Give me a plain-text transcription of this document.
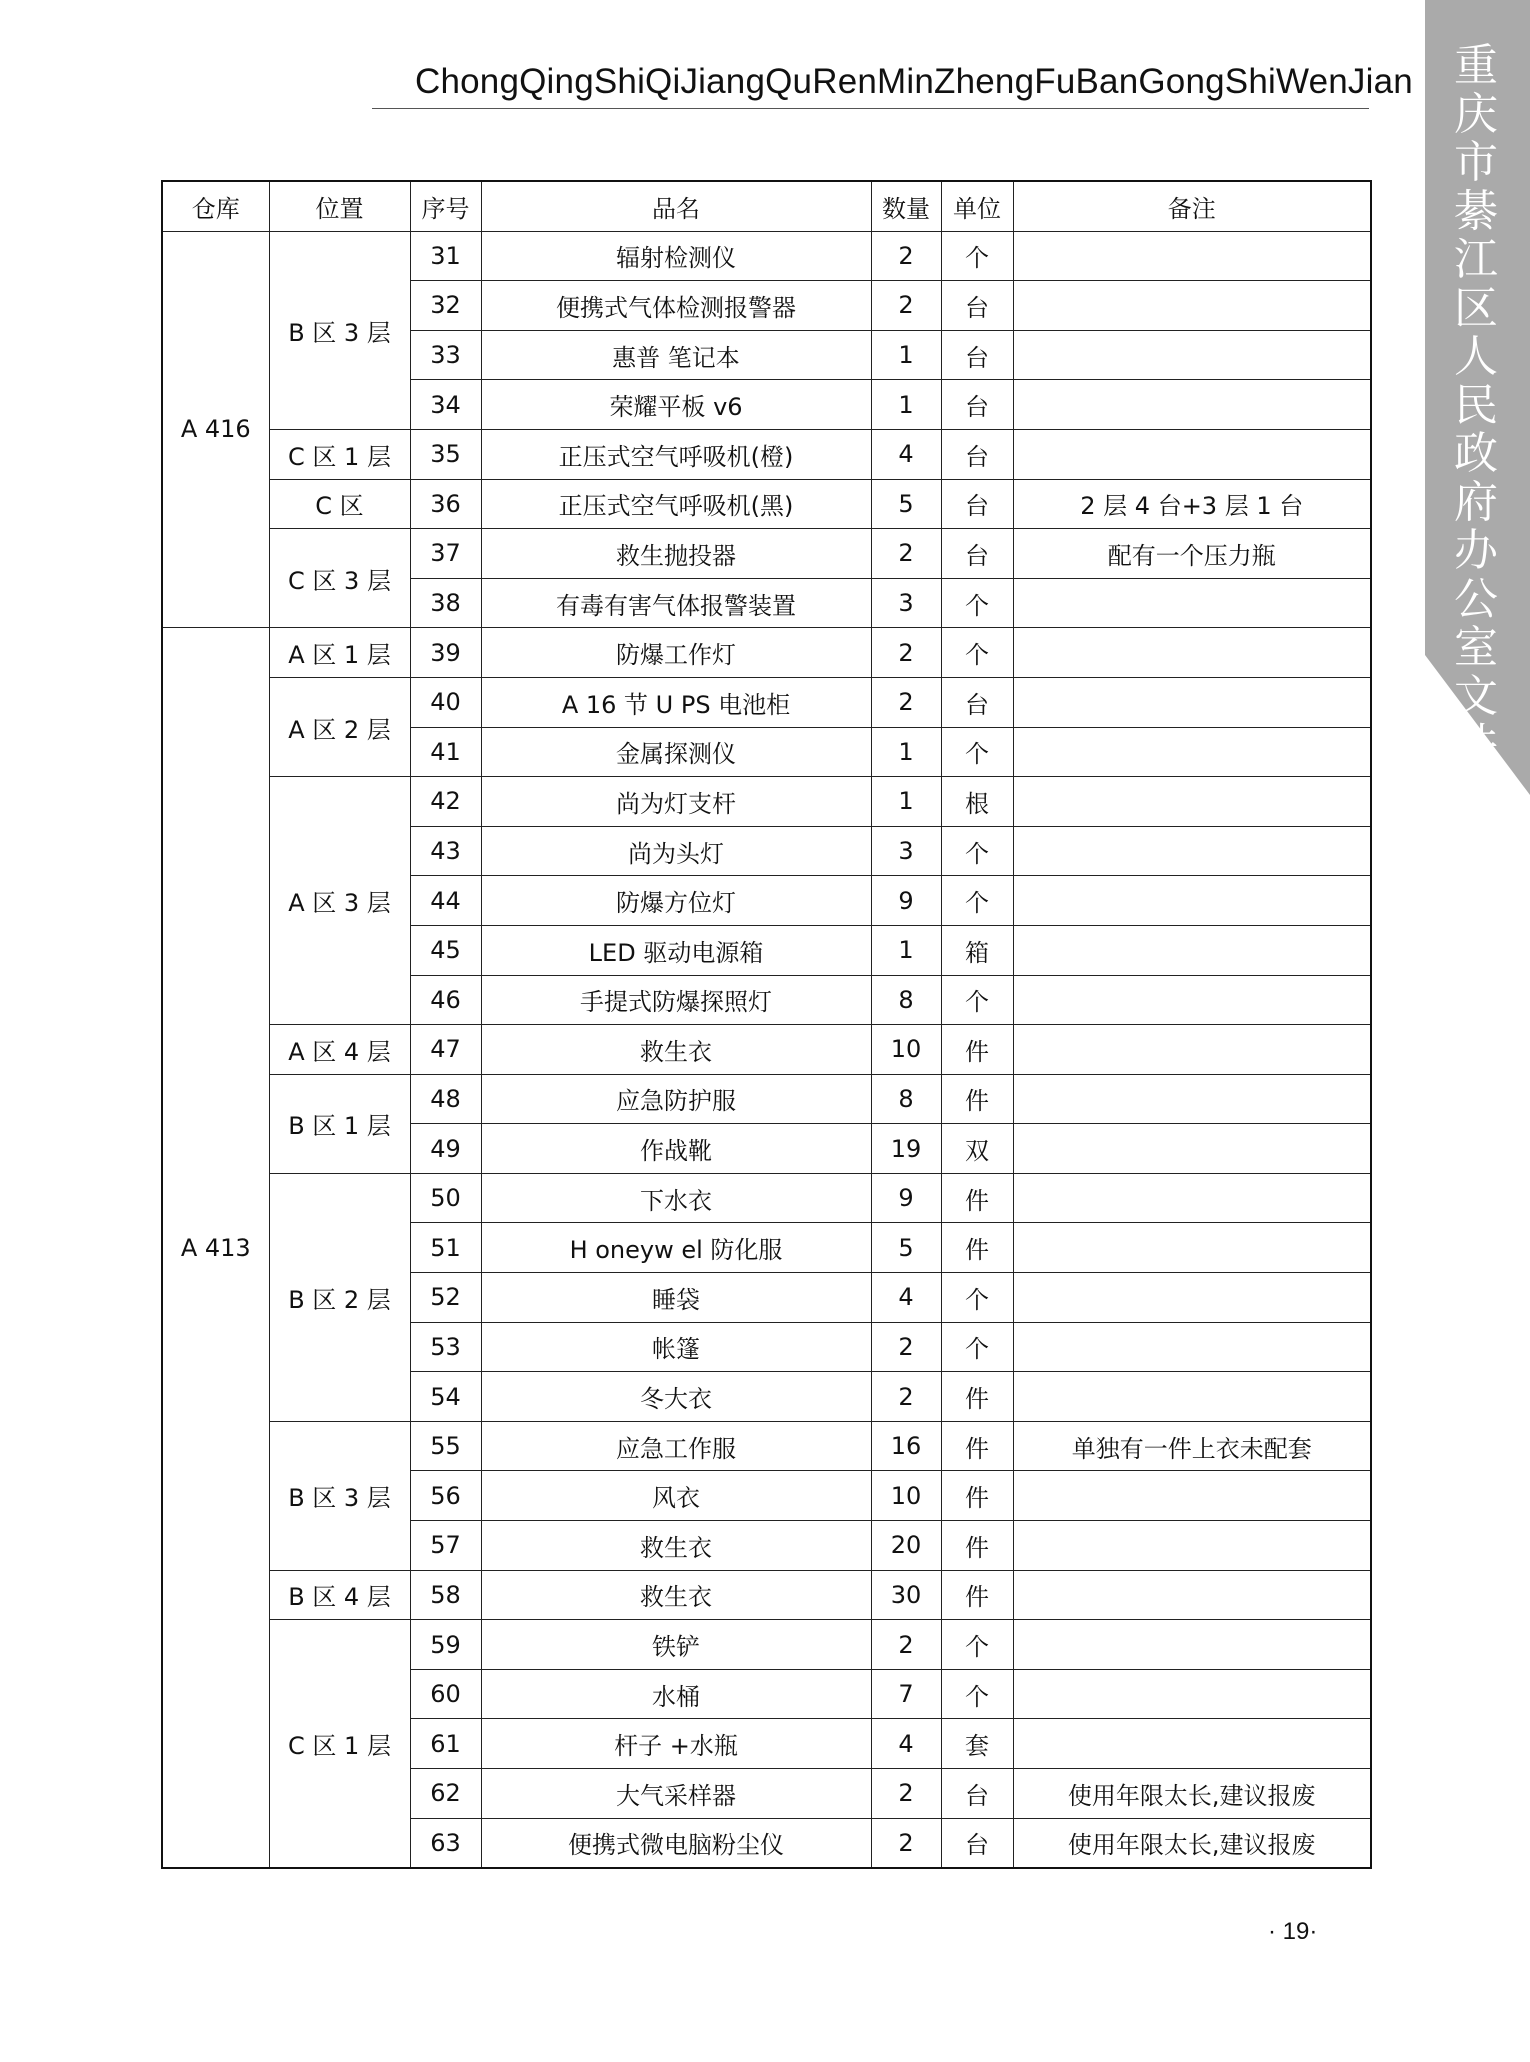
重
庆
市
綦
江
区
人
民
政
府
办
公
室
文
件
ChongQingShiQiJiangQuRenMinZhengFuBanGongShiWenJian
仓库	位置	序号	品名	数量	单位	备注
A 416	B 区 3 层	31	辐射检测仪	2	个	
		32	便携式气体检测报警器	2	台	
		33	惠普 笔记本	1	台	
		34	荣耀平板 v6	1	台	
	C 区 1 层	35	正压式空气呼吸机(橙)	4	台	
	C 区	36	正压式空气呼吸机(黑)	5	台	2 层 4 台+3 层 1 台
	C 区 3 层	37	救生抛投器	2	台	配有一个压力瓶
		38	有毒有害气体报警装置	3	个	
A 413	A 区 1 层	39	防爆工作灯	2	个	
	A 区 2 层	40	A 16 节 U PS 电池柜	2	台	
		41	金属探测仪	1	个	
	A 区 3 层	42	尚为灯支杆	1	根	
		43	尚为头灯	3	个	
		44	防爆方位灯	9	个	
		45	LED 驱动电源箱	1	箱	
		46	手提式防爆探照灯	8	个	
	A 区 4 层	47	救生衣	10	件	
	B 区 1 层	48	应急防护服	8	件	
		49	作战靴	19	双	
	B 区 2 层	50	下水衣	9	件	
		51	H oneyw el 防化服	5	件	
		52	睡袋	4	个	
		53	帐篷	2	个	
		54	冬大衣	2	件	
	B 区 3 层	55	应急工作服	16	件	单独有一件上衣未配套
		56	风衣	10	件	
		57	救生衣	20	件	
	B 区 4 层	58	救生衣	30	件	
	C 区 1 层	59	铁铲	2	个	
		60	水桶	7	个	
		61	杆子 +水瓶	4	套	
		62	大气采样器	2	台	使用年限太长,建议报废
		63	便携式微电脑粉尘仪	2	台	使用年限太长,建议报废
· 19·
